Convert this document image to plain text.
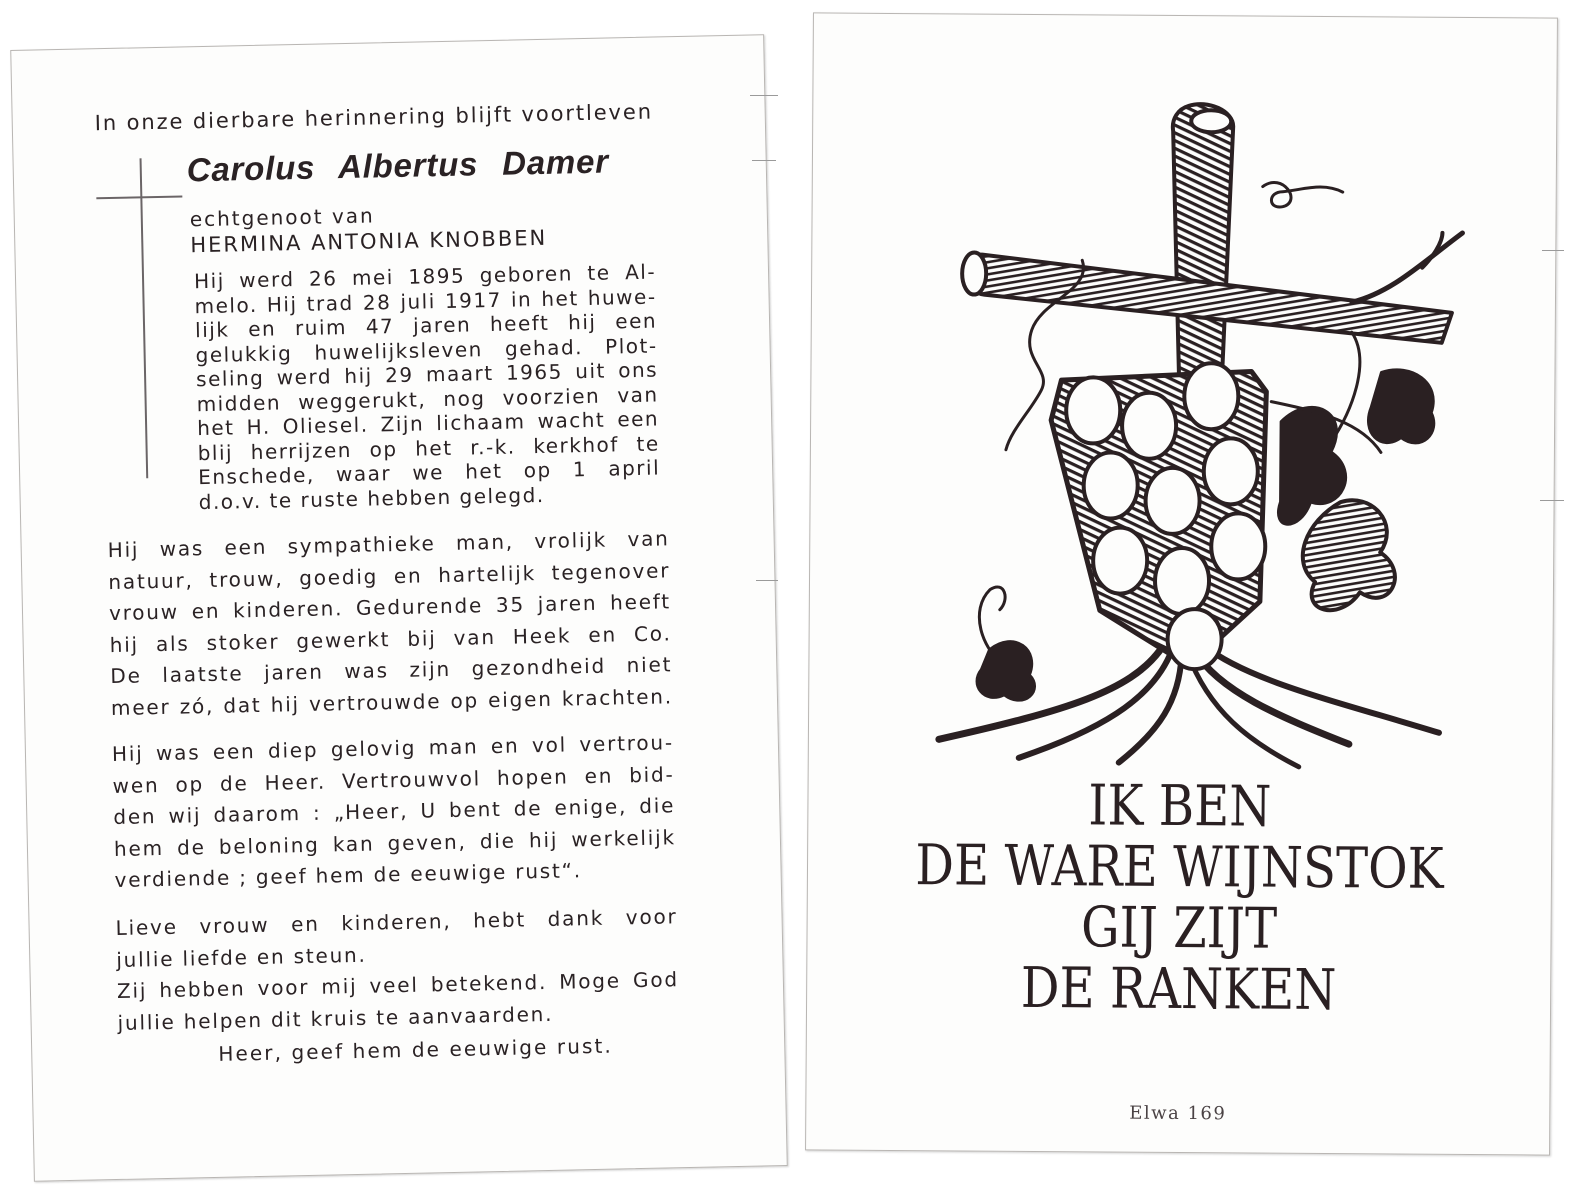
In onze dierbare herinnering blijft voortleven
Carolus Albertus Damer
echtgenoot van
HERMINA ANTONIA KNOBBEN
Hij werd 26 mei 1895 geboren te Al-
melo. Hij trad 28 juli 1917 in het huwe-
lijk en ruim 47 jaren heeft hij een
gelukkig huwelijksleven gehad. Plot-
seling werd hij 29 maart 1965 uit ons
midden weggerukt, nog voorzien van
het H. Oliesel. Zijn lichaam wacht een
blij herrijzen op het r.-k. kerkhof te
Enschede, waar we het op 1 april
d.o.v. te ruste hebben gelegd.
Hij was een sympathieke man, vrolijk van
natuur, trouw, goedig en hartelijk tegenover
vrouw en kinderen. Gedurende 35 jaren heeft
hij als stoker gewerkt bij van Heek en Co.
De laatste jaren was zijn gezondheid niet
meer zó, dat hij vertrouwde op eigen krachten.
Hij was een diep gelovig man en vol vertrou-
wen op de Heer. Vertrouwvol hopen en bid-
den wij daarom : „Heer, U bent de enige, die
hem de beloning kan geven, die hij werkelijk
verdiende ; geef hem de eeuwige rust“.
Lieve vrouw en kinderen, hebt dank voor
jullie liefde en steun.
Zij hebben voor mij veel betekend. Moge God
jullie helpen dit kruis te aanvaarden.
Heer, geef hem de eeuwige rust.
IK BEN
DE WARE WIJNSTOK
GIJ ZIJT
DE RANKEN
Elwa 169
